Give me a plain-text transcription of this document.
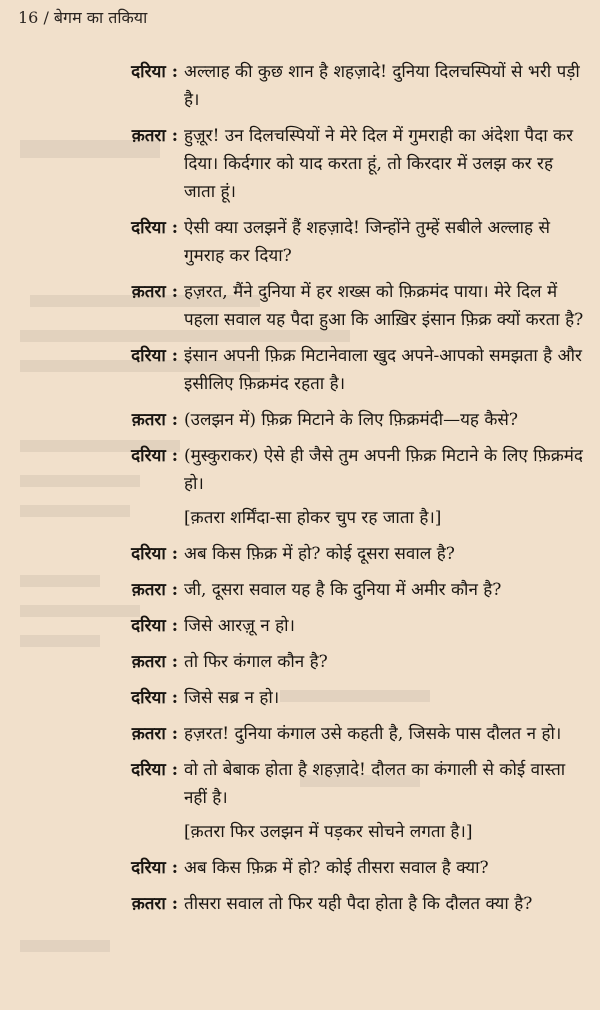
16 / बेगम का तकिया
दरिया : अल्लाह की कुछ शान है शहज़ादे! दुनिया दिलचस्पियों से भरी पड़ी है।
क़तरा : हुज़ूर! उन दिलचस्पियों ने मेरे दिल में गुमराही का अंदेशा पैदा कर दिया। किर्दगार को याद करता हूं, तो किरदार में उलझ कर रह जाता हूं।
दरिया : ऐसी क्या उलझनें हैं शहज़ादे! जिन्होंने तुम्हें सबीले अल्लाह से गुमराह कर दिया?
क़तरा : हज़रत, मैंने दुनिया में हर शख्स को फ़िक्रमंद पाया। मेरे दिल में पहला सवाल यह पैदा हुआ कि आख़िर इंसान फ़िक्र क्यों करता है?
दरिया : इंसान अपनी फ़िक्र मिटानेवाला खुद अपने-आपको समझता है और इसीलिए फ़िक्रमंद रहता है।
क़तरा : (उलझन में) फ़िक्र मिटाने के लिए फ़िक्रमंदी—यह कैसे?
दरिया : (मुस्कुराकर) ऐसे ही जैसे तुम अपनी फ़िक्र मिटाने के लिए फ़िक्रमंद हो।
[क़तरा शर्मिंदा-सा होकर चुप रह जाता है।]
दरिया : अब किस फ़िक्र में हो? कोई दूसरा सवाल है?
क़तरा : जी, दूसरा सवाल यह है कि दुनिया में अमीर कौन है?
दरिया : जिसे आरज़ू न हो।
क़तरा : तो फिर कंगाल कौन है?
दरिया : जिसे सब्र न हो।
क़तरा : हज़रत! दुनिया कंगाल उसे कहती है, जिसके पास दौलत न हो।
दरिया : वो तो बेबाक होता है शहज़ादे! दौलत का कंगाली से कोई वास्ता नहीं है।
[क़तरा फिर उलझन में पड़कर सोचने लगता है।]
दरिया : अब किस फ़िक्र में हो? कोई तीसरा सवाल है क्या?
क़तरा : तीसरा सवाल तो फिर यही पैदा होता है कि दौलत क्या है?
